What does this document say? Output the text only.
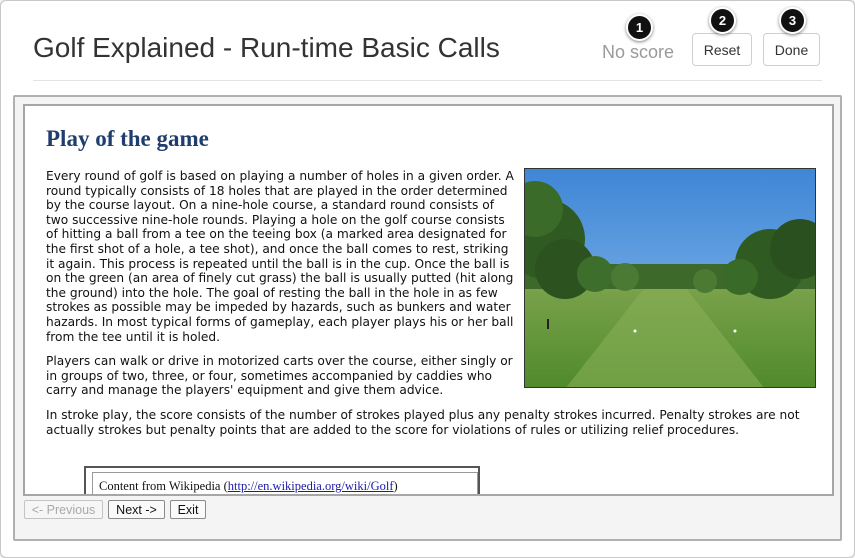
Golf Explained - Run-time Basic Calls	No score	Reset	Done
1	2	3
Play of the game
Every round of golf is based on playing a number of holes in a given order. A round typically consists of 18 holes that are played in the order determined by the course layout. On a nine-hole course, a standard round consists of two successive nine-hole rounds. Playing a hole on the golf course consists of hitting a ball from a tee on the teeing box (a marked area designated for the first shot of a hole, a tee shot), and once the ball comes to rest, striking it again. This process is repeated until the ball is in the cup. Once the ball is on the green (an area of finely cut grass) the ball is usually putted (hit along the ground) into the hole. The goal of resting the ball in the hole in as few strokes as possible may be impeded by hazards, such as bunkers and water hazards. In most typical forms of gameplay, each player plays his or her ball from the tee until it is holed.
Players can walk or drive in motorized carts over the course, either singly or in groups of two, three, or four, sometimes accompanied by caddies who carry and manage the players' equipment and give them advice.
In stroke play, the score consists of the number of strokes played plus any penalty strokes incurred. Penalty strokes are not actually strokes but penalty points that are added to the score for violations of rules or utilizing relief procedures.
Content from Wikipedia (http://en.wikipedia.org/wiki/Golf)
<- Previous	Next ->	Exit
